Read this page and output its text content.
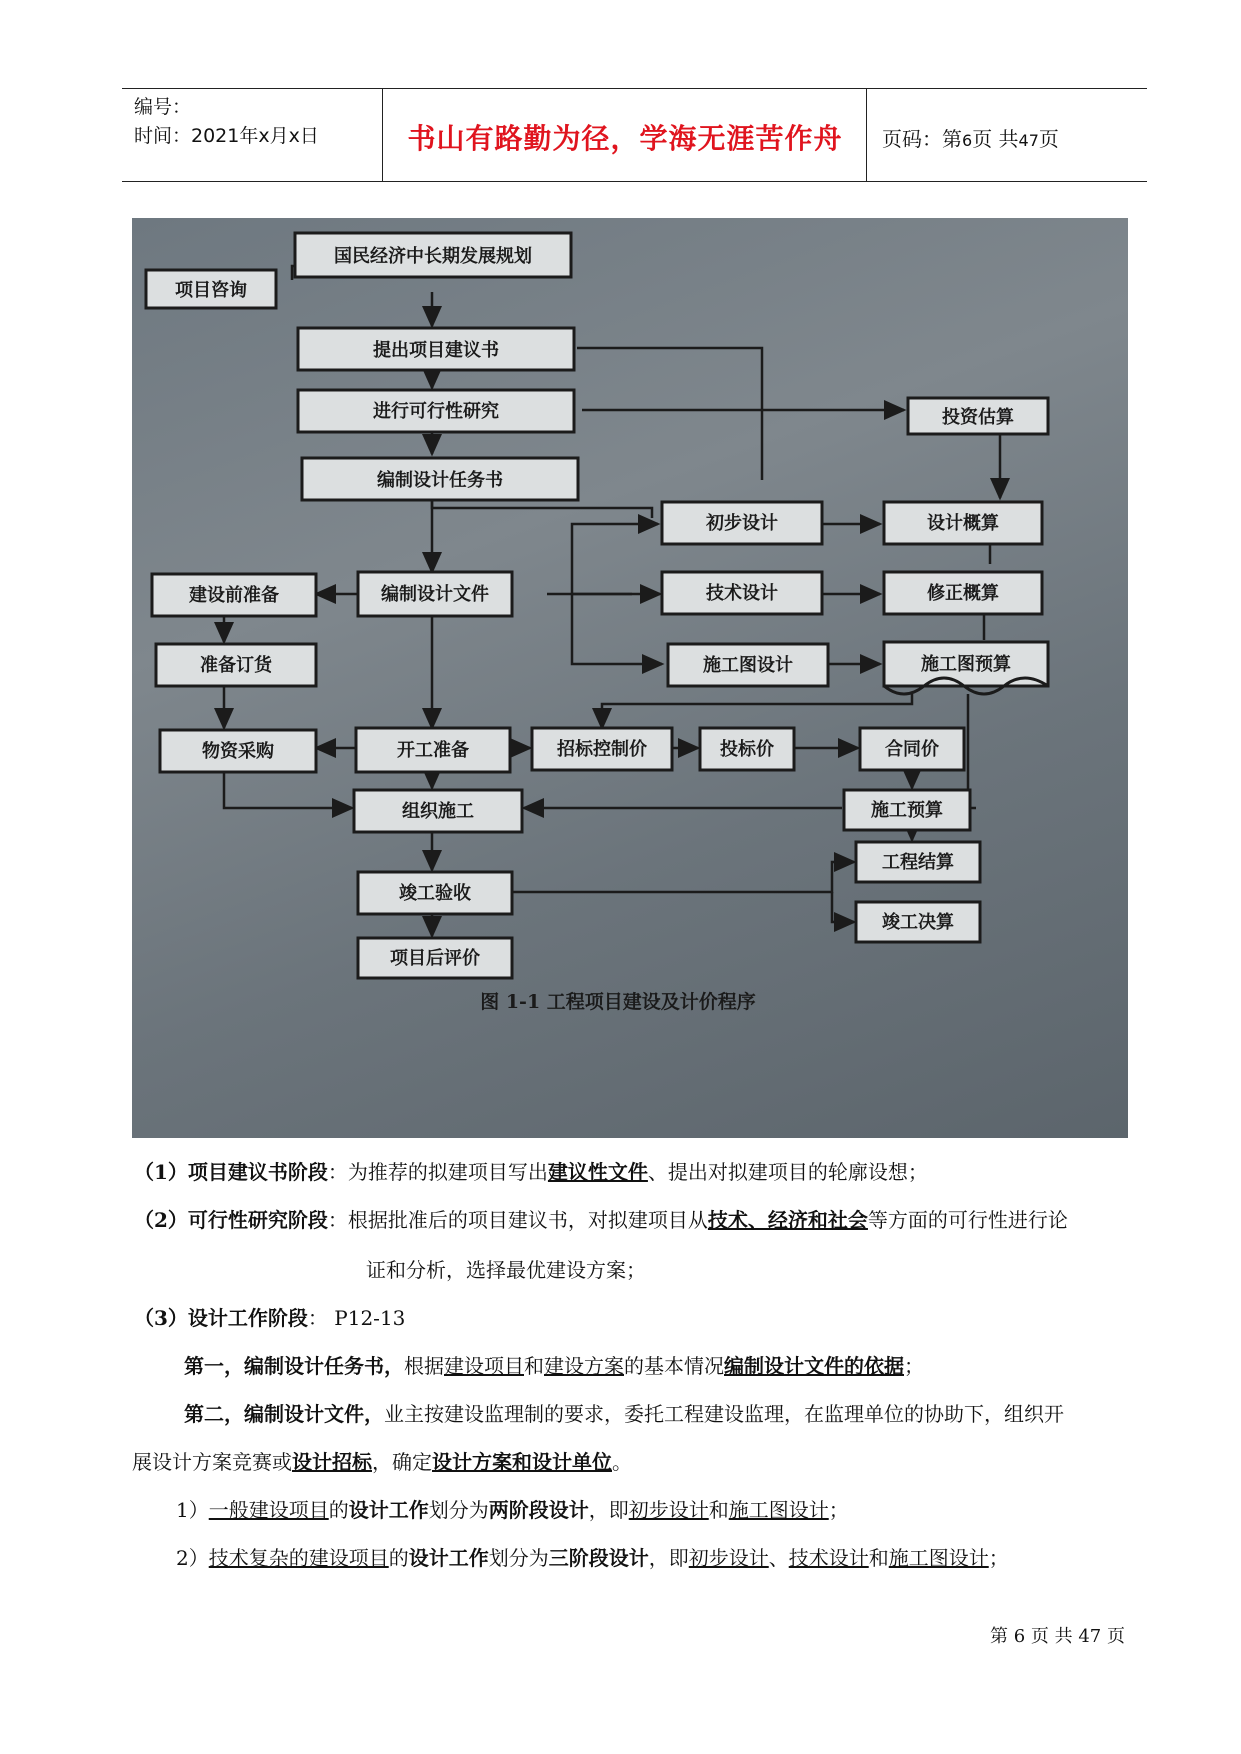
编号：
时间：2021年x月x日	书山有路勤为径，学海无涯苦作舟	页码：第6页 共47页
国民经济中长期发展规划
项目咨询
提出项目建议书
进行可行性研究	投资估算
编制设计任务书
初步设计	设计概算
建设前准备	编制设计文件	技术设计	修正概算
准备订货	施工图设计	施工图预算
物资采购	开工准备	招标控制价	投标价	合同价
组织施工	施工预算
工程结算
竣工验收
竣工决算
项目后评价
图 1-1 工程项目建设及计价程序
（1）项目建议书阶段：为推荐的拟建项目写出建议性文件、提出对拟建项目的轮廓设想；
（2）可行性研究阶段：根据批准后的项目建议书，对拟建项目从技术、经济和社会等方面的可行性进行论
证和分析，选择最优建设方案；
（3）设计工作阶段： P12-13
第一，编制设计任务书，根据建设项目和建设方案的基本情况编制设计文件的依据；
第二，编制设计文件，业主按建设监理制的要求，委托工程建设监理，在监理单位的协助下，组织开
展设计方案竞赛或设计招标，确定设计方案和设计单位。
1）一般建设项目的设计工作划分为两阶段设计，即初步设计和施工图设计；
2）技术复杂的建设项目的设计工作划分为三阶段设计，即初步设计、技术设计和施工图设计；
第 6 页 共 47 页
